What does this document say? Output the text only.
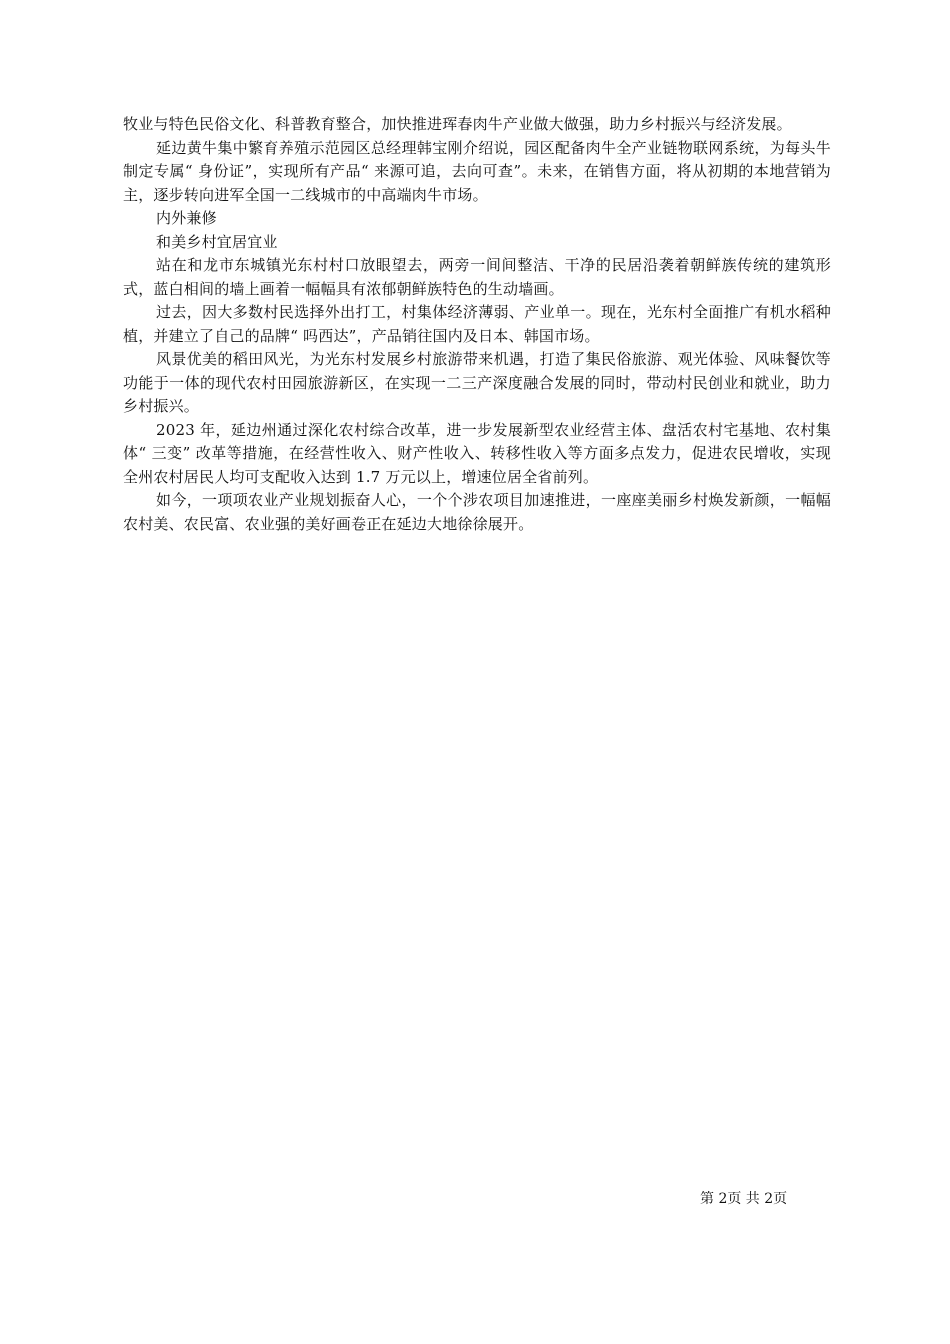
牧业与特色民俗文化、科普教育整合，加快推进珲春肉牛产业做大做强，助力乡村振兴与经济发展。

延边黄牛集中繁育养殖示范园区总经理韩宝刚介绍说，园区配备肉牛全产业链物联网系统，为每头牛制定专属“ 身份证”，实现所有产品“ 来源可追，去向可查”。未来，在销售方面，将从初期的本地营销为主，逐步转向进军全国一二线城市的中高端肉牛市场。

内外兼修

和美乡村宜居宜业

站在和龙市东城镇光东村村口放眼望去，两旁一间间整洁、干净的民居沿袭着朝鲜族传统的建筑形式，蓝白相间的墙上画着一幅幅具有浓郁朝鲜族特色的生动墙画。

过去，因大多数村民选择外出打工，村集体经济薄弱、产业单一。现在，光东村全面推广有机水稻种植，并建立了自己的品牌“ 吗西达”，产品销往国内及日本、韩国市场。

风景优美的稻田风光，为光东村发展乡村旅游带来机遇，打造了集民俗旅游、观光体验、风味餐饮等功能于一体的现代农村田园旅游新区，在实现一二三产深度融合发展的同时，带动村民创业和就业，助力乡村振兴。

2023 年，延边州通过深化农村综合改革，进一步发展新型农业经营主体、盘活农村宅基地、农村集体“ 三变” 改革等措施，在经营性收入、财产性收入、转移性收入等方面多点发力，促进农民增收，实现全州农村居民人均可支配收入达到 1.7 万元以上，增速位居全省前列。

如今，一项项农业产业规划振奋人心，一个个涉农项目加速推进，一座座美丽乡村焕发新颜，一幅幅农村美、农民富、农业强的美好画卷正在延边大地徐徐展开。

第 2页 共 2页
